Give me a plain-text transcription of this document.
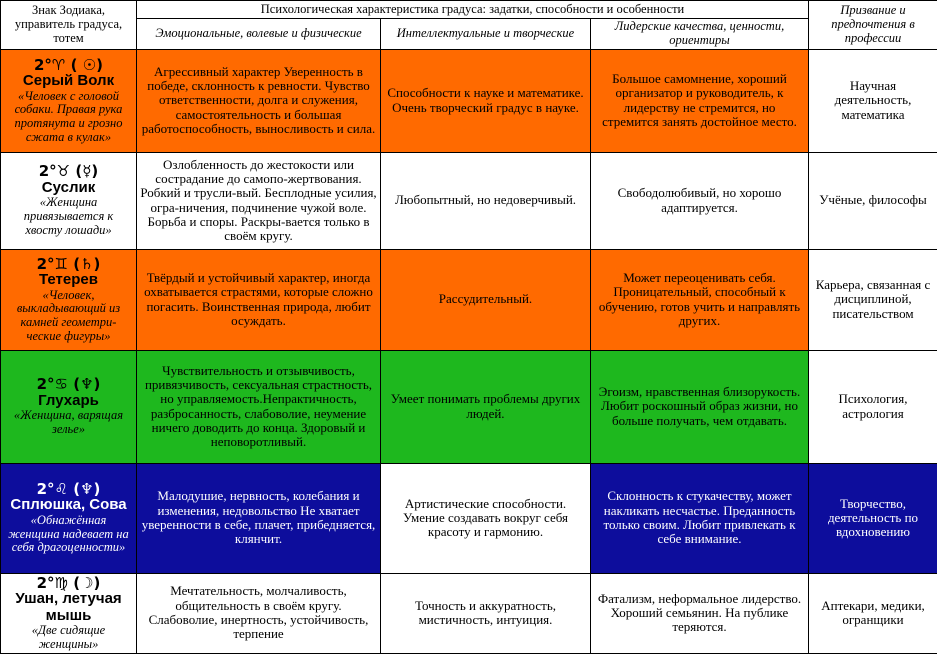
Знак Зодиака, управитель градуса, тотем	Психологическая характеристика градуса: задатки, способности и особенности			Призвание и предпочтения в профессии
	Эмоциональные, волевые и физические	Интеллектуальные и творческие	Лидерские качества, ценности, ориентиры	

2°♈ ( ☉)
Серый Волк
«Человек с головой собаки. Правая рука протянута и грозно сжата в кулак»	Агрессивный характер Уверенность в победе, склонность к ревности. Чувство ответственности, долга и служения, самостоятельность и большая работоспособность, выносливость и сила.	Способности к науке и математике. Очень творческий градус в науке.	Большое самомнение, хороший организатор и руководитель, к лидерству не стремится, но стремится занять достойное место.	Научная деятельность, математика

2°♉ (☿)
Суслик
«Женщина привязывается к хвосту лошади»	Озлобленность до жестокости или сострадание до самопо-жертвования. Робкий и трусли-вый. Бесплодные усилия, огра-ничения, подчинение чужой воле. Борьба и споры. Раскры-вается только в своём кругу.	Любопытный, но недоверчивый.	Свободолюбивый, но хорошо адаптируется.	Учёные, философы

2°♊ (♄)
Тетерев
«Человек, выкладывающий из камней геометри-ческие фигуры»	Твёрдый и устойчивый характер, иногда охватывается страстями, которые сложно погасить. Воинственная природа, любит осуждать.	Рассудительный.	Может переоценивать себя. Проницательный, способный к обучению, готов учить и направлять других.	Карьера, связанная с дисциплиной, писательством

2°♋ (♆)
Глухарь
«Женщина, варящая зелье»	Чувствительность и отзывчивость, привязчивость, сексуальная страстность, но управляемость.Непрактичность, разбросанность, слабоволие, неумение ничего доводить до конца. Здоровый и неповоротливый.	Умеет понимать проблемы других людей.	Эгоизм, нравственная близорукость. Любит роскошный образ жизни, но больше получать, чем отдавать.	Психология, астрология

2°♌ (♆)
Сплюшка, Сова
«Обнажённая женщина надевает на себя драгоценности»	Малодушие, нервность, колебания и изменения, недовольство Не хватает уверенности в себе, плачет, прибедняется, клянчит.	Артистические способности. Умение создавать вокруг себя красоту и гармонию.	Склонность к стукачеству, может накликать несчастье. Преданность только своим. Любит привлекать к себе внимание.	Творчество, деятельность по вдохновению

2°♍ (☽)
Ушан, летучая мышь
«Две сидящие женщины»	Мечтательность, молчаливость, общительность в своём кругу. Слабоволие, инертность, устойчивость, терпение	Точность и аккуратность, мистичность, интуиция.	Фатализм, неформальное лидерство. Хороший семьянин. На публике теряются.	Аптекари, медики, огранщики
